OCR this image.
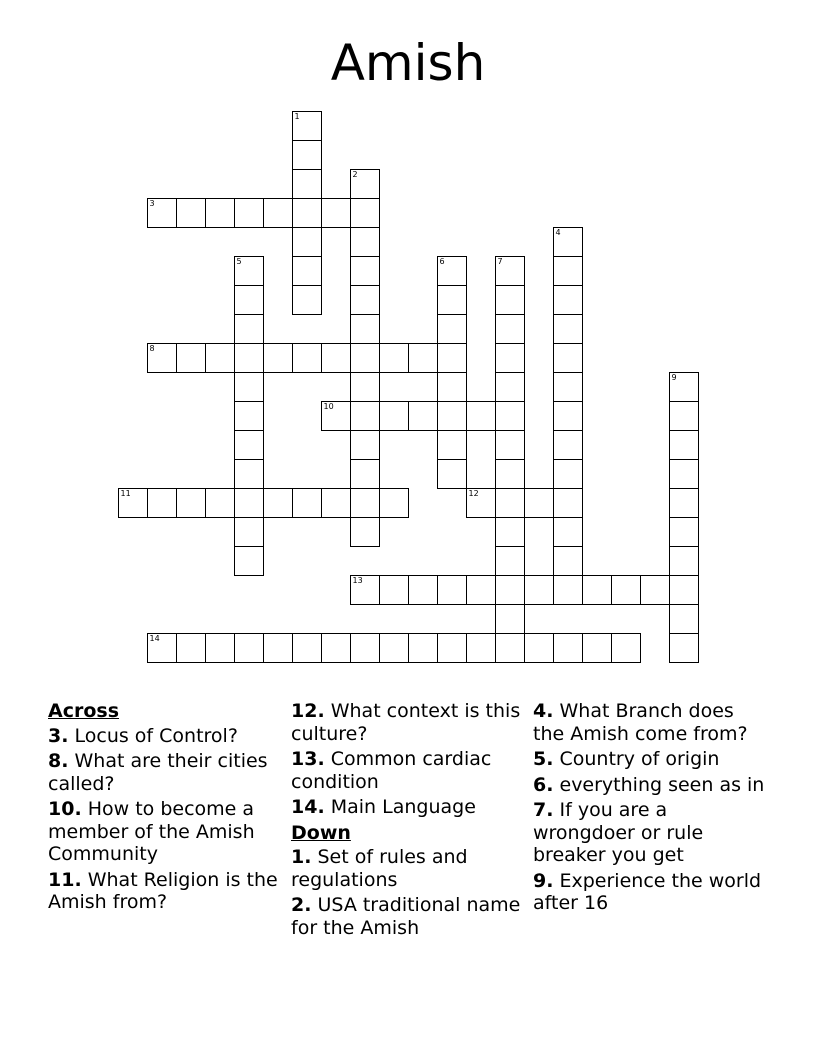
Amish
3
8
10
11	12
13
14
1
2
4
5	6	7
9
Across
3. Locus of Control?
8. What are their cities called?
10. How to become a member of the Amish Community
11. What Religion is the Amish from?
12. What context is this culture?
13. Common cardiac condition
14. Main Language
Down
1. Set of rules and regulations
2. USA traditional name for the Amish
4. What Branch does the Amish come from?
5. Country of origin
6. everything seen as in
7. If you are a wrongdoer or rule breaker you get
9. Experience the world after 16
